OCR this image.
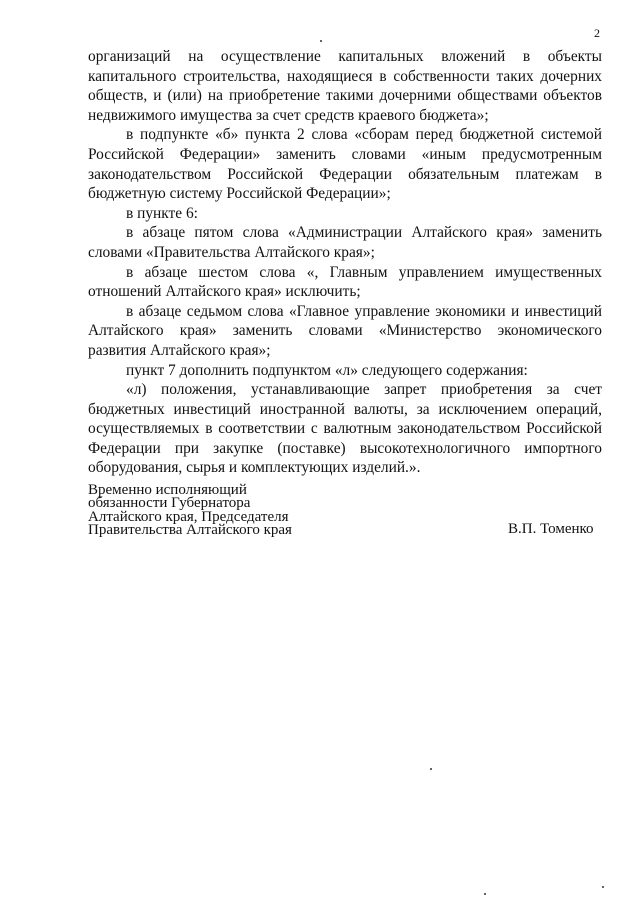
2

организаций на осуществление капитальных вложений в объекты капитального строительства, находящиеся в собственности таких дочерних обществ, и (или) на приобретение такими дочерними обществами объектов недвижимого имущества за счет средств краевого бюджета»;

в подпункте «б» пункта 2 слова «сборам перед бюджетной системой Российской Федерации» заменить словами «иным предусмотренным законодательством Российской Федерации обязательным платежам в бюджетную систему Российской Федерации»;

в пункте 6:

в абзаце пятом слова «Администрации Алтайского края» заменить словами «Правительства Алтайского края»;

в абзаце шестом слова «, Главным управлением имущественных отношений Алтайского края» исключить;

в абзаце седьмом слова «Главное управление экономики и инвестиций Алтайского края» заменить словами «Министерство экономического развития Алтайского края»;

пункт 7 дополнить подпунктом «л» следующего содержания:

«л) положения, устанавливающие запрет приобретения за счет бюджетных инвестиций иностранной валюты, за исключением операций, осуществляемых в соответствии с валютным законодательством Российской Федерации при закупке (поставке) высокотехнологичного импортного оборудования, сырья и комплектующих изделий.».

Временно исполняющий
обязанности Губернатора
Алтайского края, Председателя
Правительства Алтайского края	В.П. Томенко
